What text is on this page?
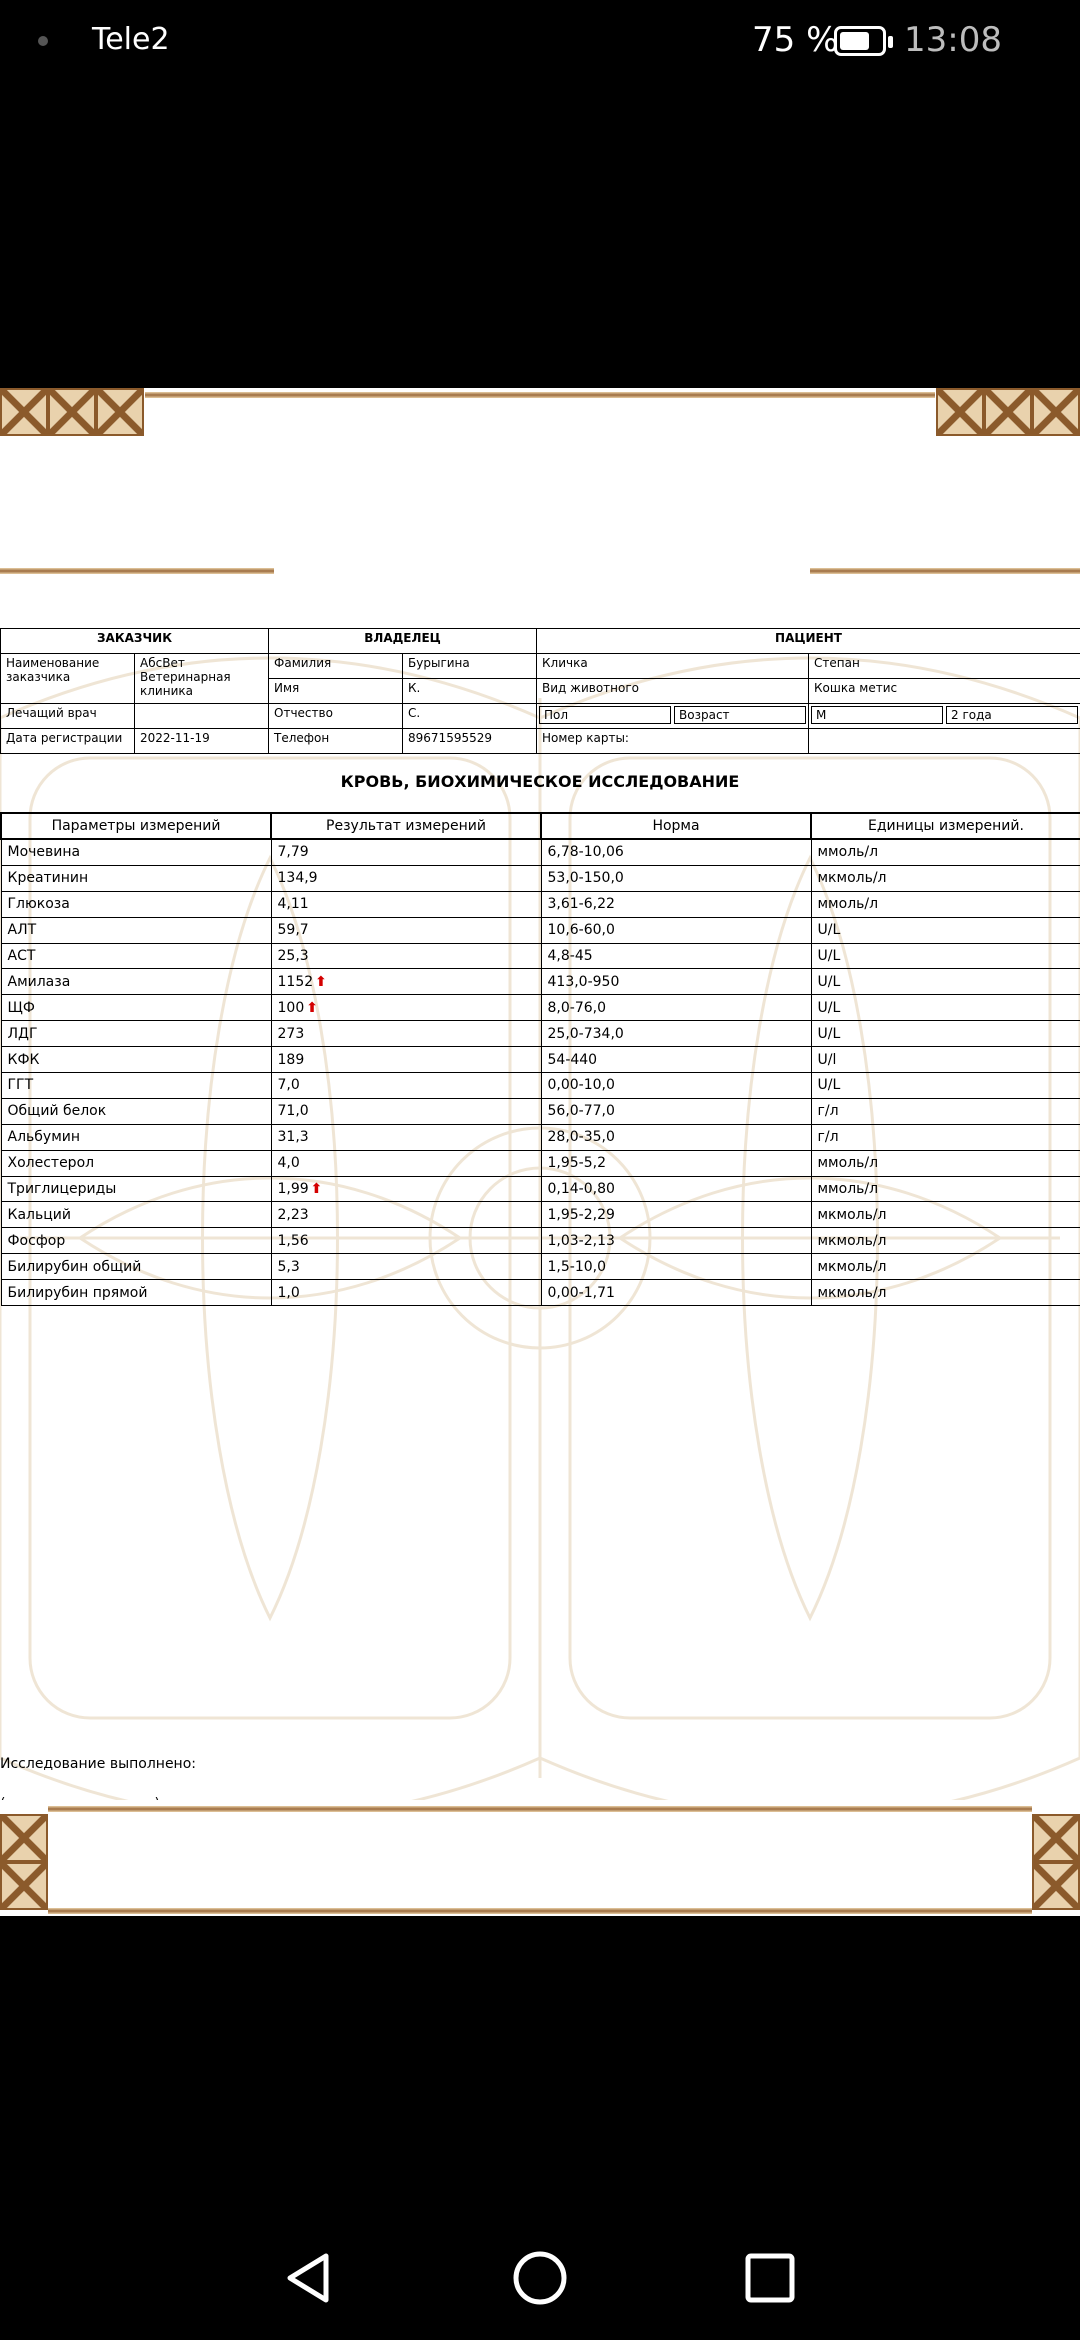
Tele2	75 % 13:08
ЗАКАЗЧИК		ВЛАДЕЛЕЦ		ПАЦИЕНТ	
Наименование заказчика	АбсВет Ветеринарная клиника	Фамилия	Бурыгина	Кличка	Степан
		Имя	К.	Вид животного	Кошка метис
Лечащий врач		Отчество	С.	Пол Возраст	М 2 года

Дата регистрации	2022-11-19	Телефон	89671595529	Номер карты:	
КРОВЬ, БИОХИМИЧЕСКОЕ ИССЛЕДОВАНИЕ
Параметры измерений	Результат измерений	Норма	Единицы измерений.
Мочевина	7,79	6,78-10,06	ммоль/л
Креатинин	134,9	53,0-150,0	мкмоль/л
Глюкоза	4,11	3,61-6,22	ммоль/л
АЛТ	59,7	10,6-60,0	U/L
АСТ	25,3	4,8-45	U/L
Амилаза	1152 ⬆	413,0-950	U/L
ЩФ	100 ⬆	8,0-76,0	U/L
ЛДГ	273	25,0-734,0	U/L
КФК	189	54-440	U/l
ГГТ	7,0	0,00-10,0	U/L
Общий белок	71,0	56,0-77,0	г/л
Альбумин	31,3	28,0-35,0	г/л
Холестерол	4,0	1,95-5,2	ммоль/л
Триглицериды	1,99 ⬆	0,14-0,80	ммоль/л
Кальций	2,23	1,95-2,29	мкмоль/л
Фосфор	1,56	1,03-2,13	мкмоль/л
Билирубин общий	5,3	1,5-10,0	мкмоль/л
Билирубин прямой	1,0	0,00-1,71	мкмоль/л
Исследование выполнено:
